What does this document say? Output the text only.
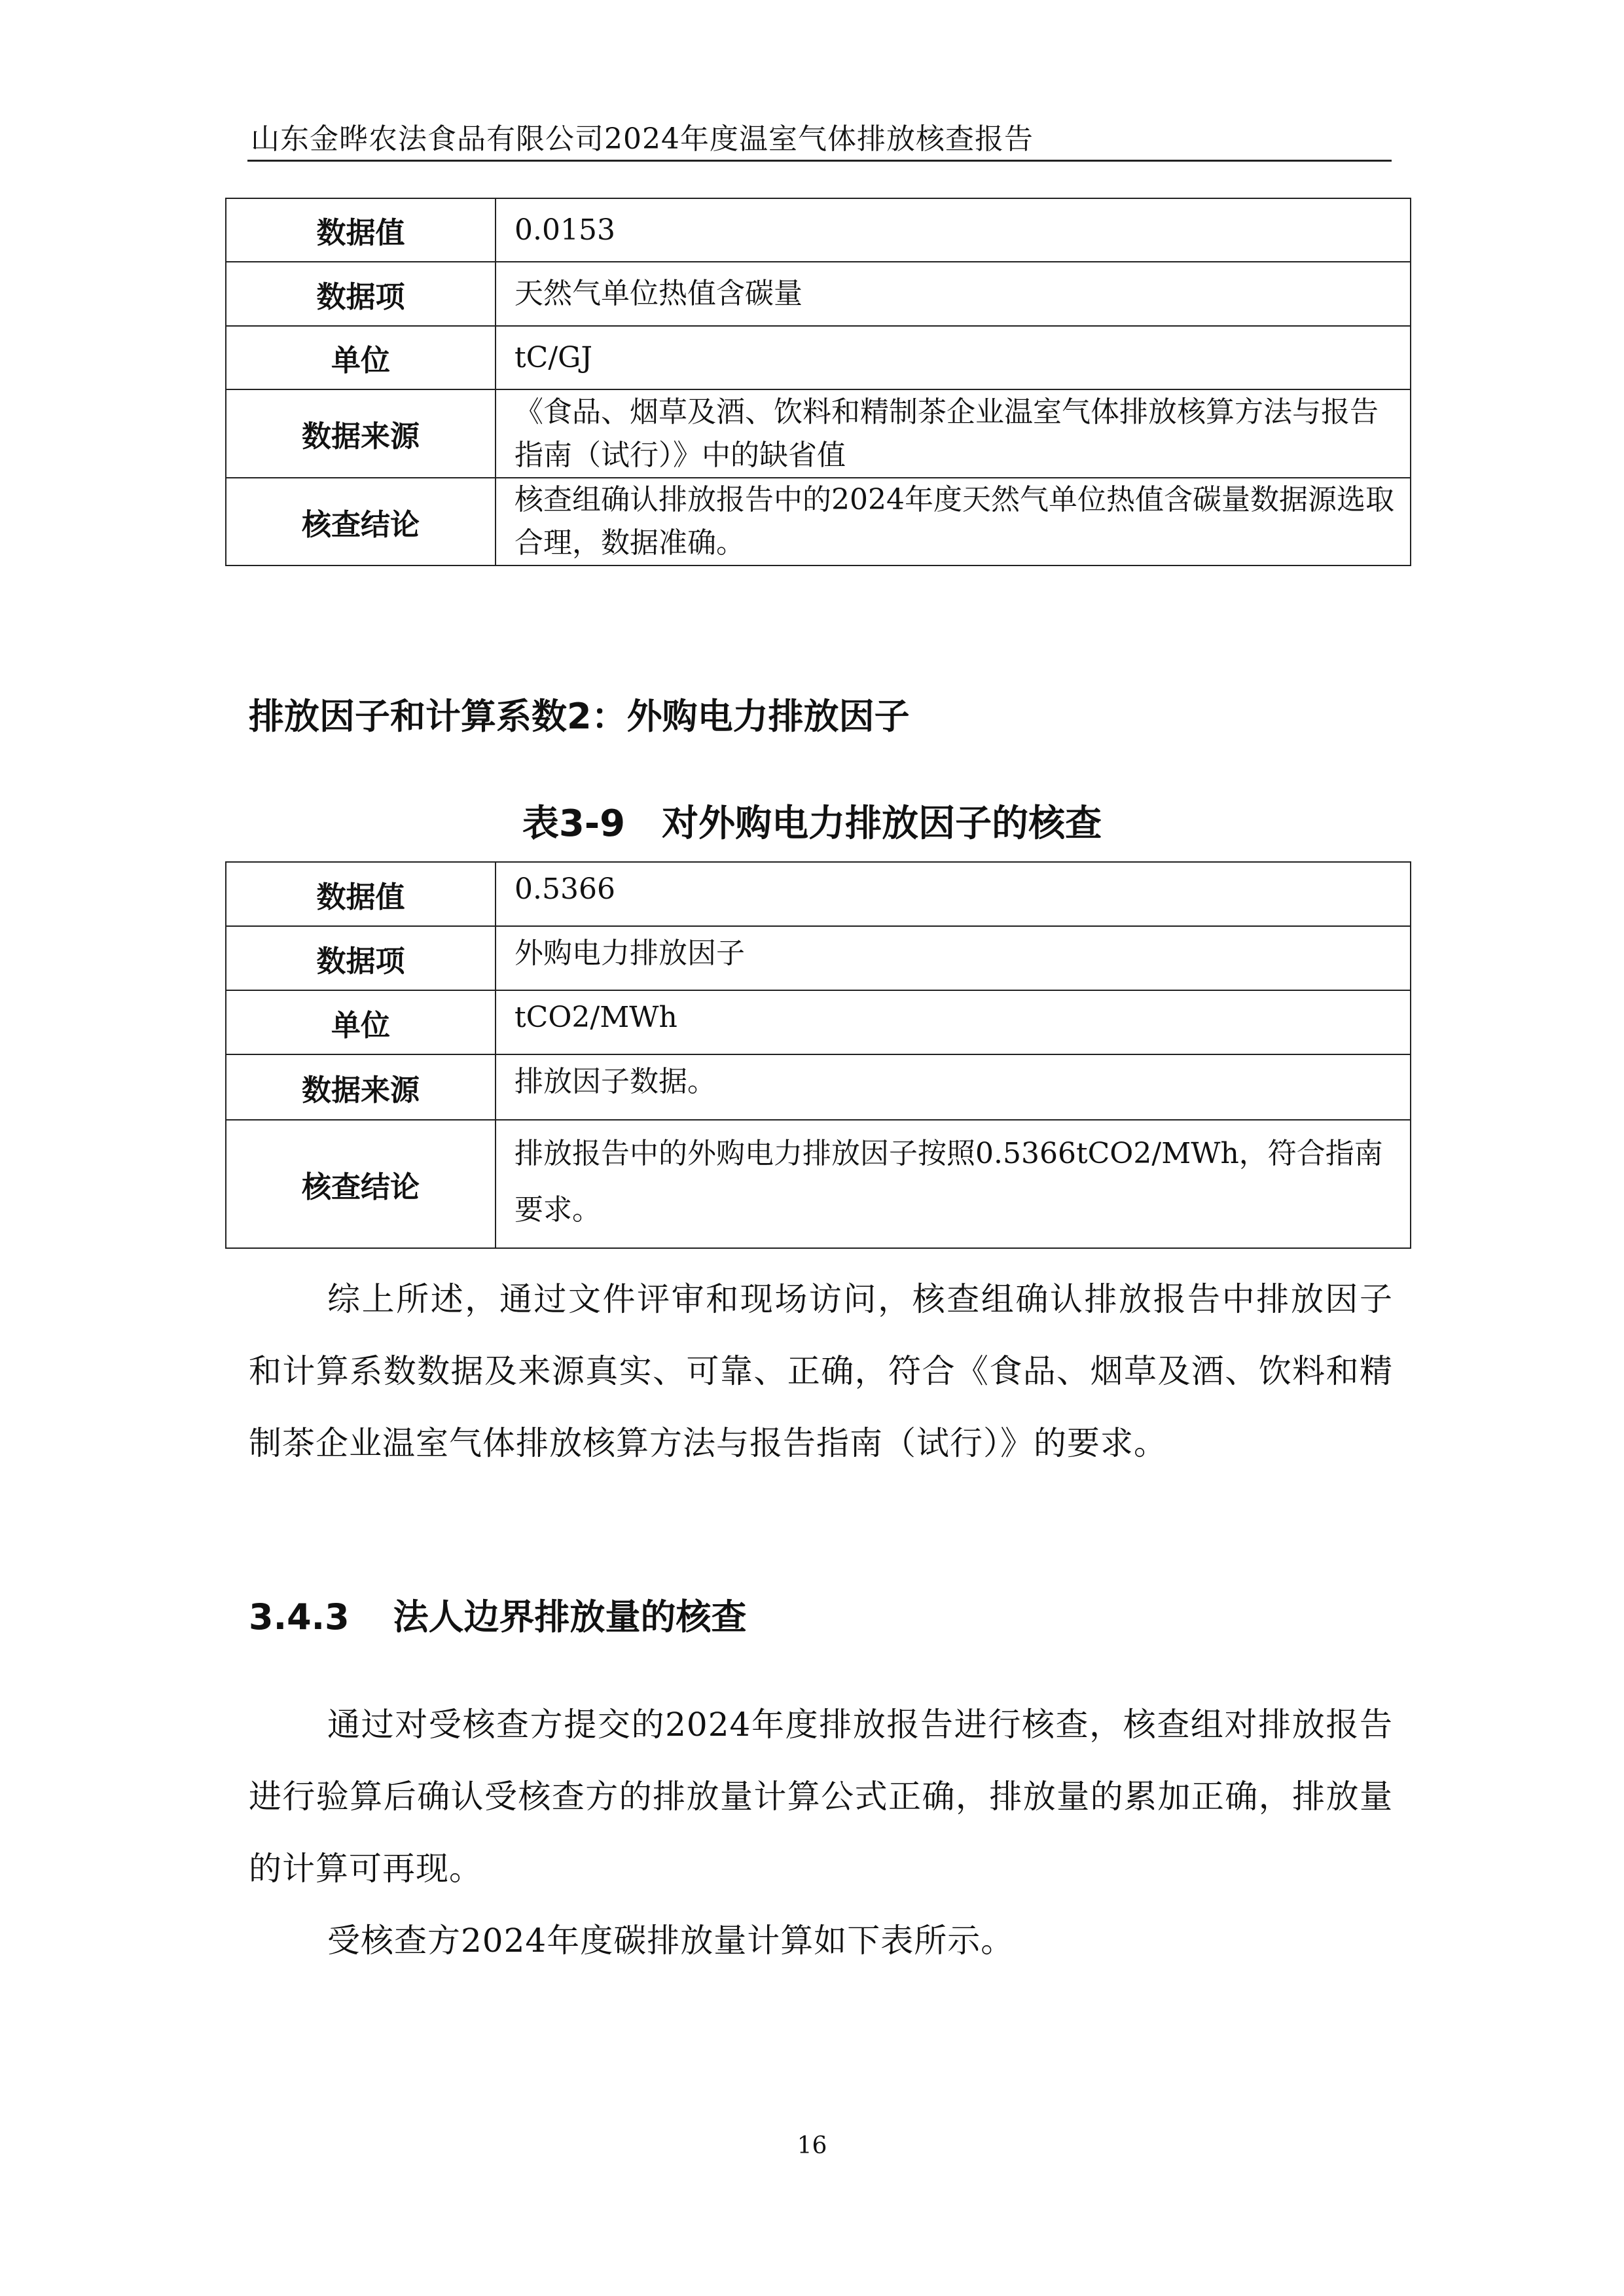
山东金晔农法食品有限公司2024年度温室气体排放核查报告
数据值	0.0153
数据项	天然气单位热值含碳量
单位	tC/GJ
数据来源	《食品、烟草及酒、饮料和精制茶企业温室气体排放核算方法与报告指南（试行）》中的缺省值
核查结论	核查组确认排放报告中的2024年度天然气单位热值含碳量数据源选取合理，数据准确。
排放因子和计算系数2：外购电力排放因子
表3-9　对外购电力排放因子的核查
数据值	0.5366
数据项	外购电力排放因子
单位	tCO2/MWh
数据来源	排放因子数据。
核查结论	排放报告中的外购电力排放因子按照0.5366tCO2/MWh，符合指南要求。
综上所述，通过文件评审和现场访问，核查组确认排放报告中排放因子和计算系数数据及来源真实、可靠、正确，符合《食品、烟草及酒、饮料和精制茶企业温室气体排放核算方法与报告指南（试行）》的要求。
3.4.3 法人边界排放量的核查
通过对受核查方提交的2024年度排放报告进行核查，核查组对排放报告进行验算后确认受核查方的排放量计算公式正确，排放量的累加正确，排放量的计算可再现。
受核查方2024年度碳排放量计算如下表所示。
16
